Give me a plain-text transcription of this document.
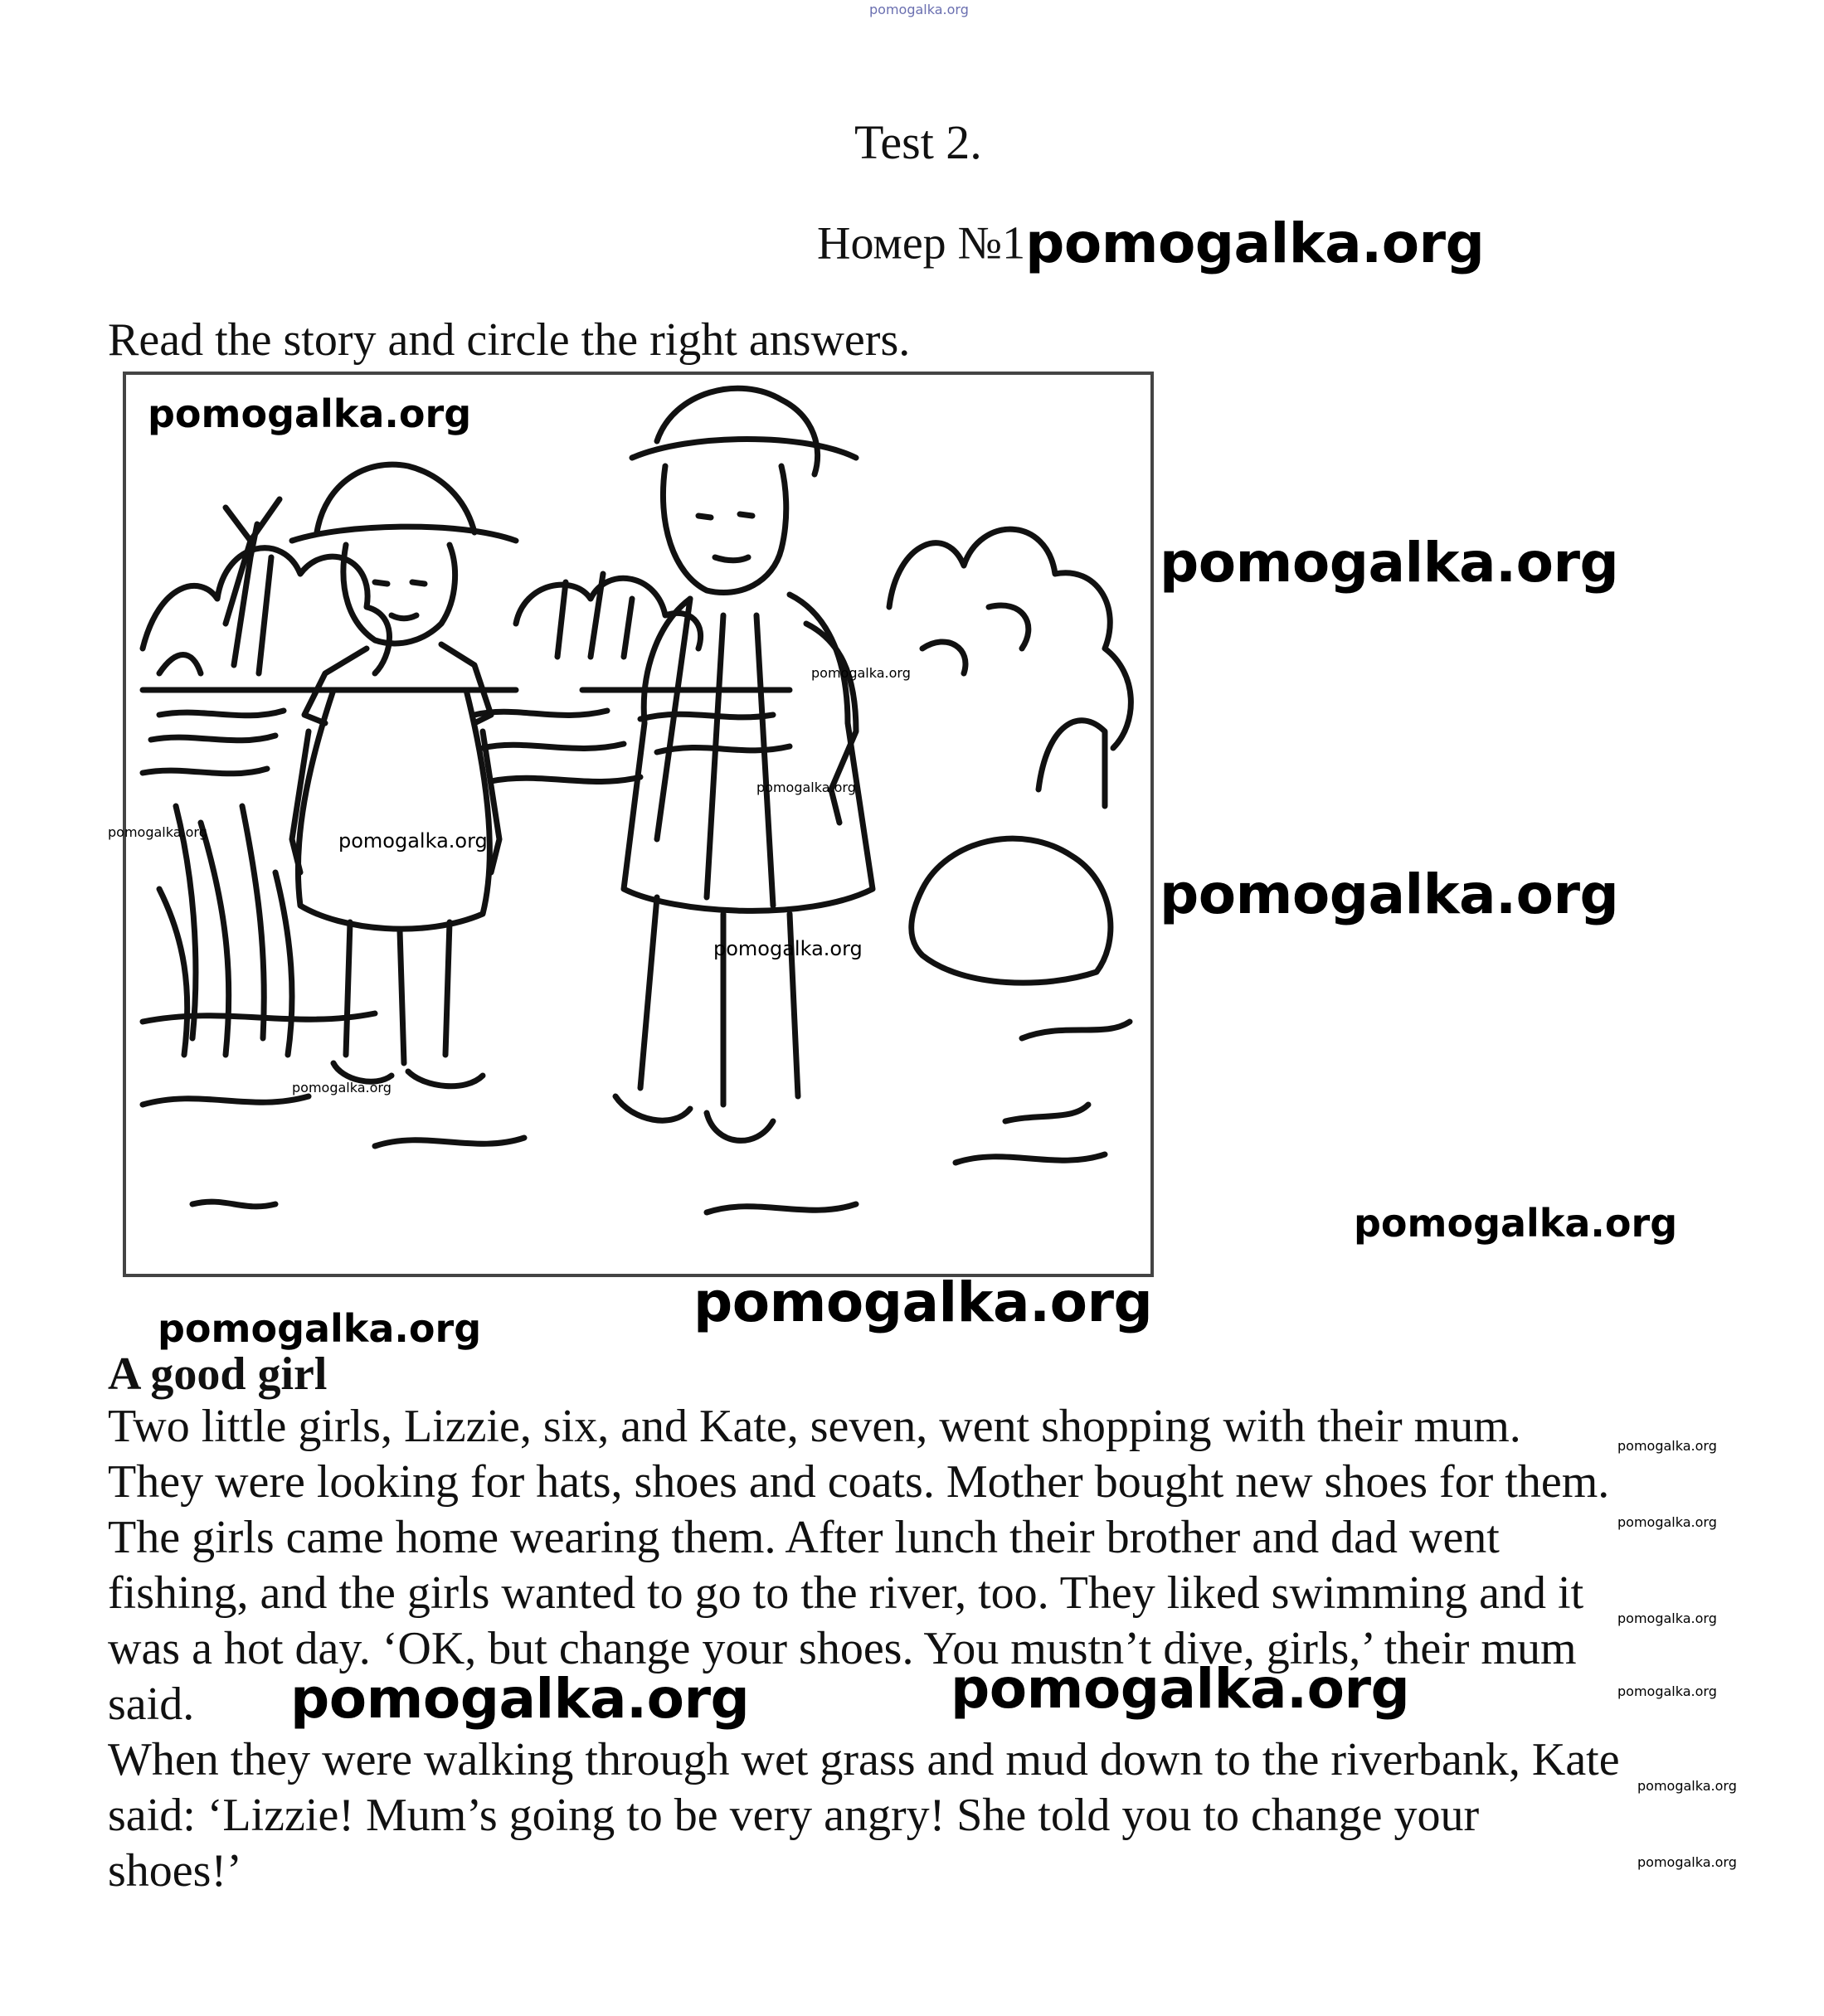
pomogalka.org
Test 2.
Номер №1pomogalka.org
Read the story and circle the right answers.
pomogalka.org
pomogalka.org
pomogalka.org
pomogalka.org
pomogalka.org
pomogalka.org
pomogalka.org
pomogalka.org
pomogalka.org
pomogalka.org
pomogalka.org	pomogalka.org
A good girl
Two little girls, Lizzie, six, and Kate, seven, went shopping with their mum.
They were looking for hats, shoes and coats. Mother bought new shoes for them.
The girls came home wearing them. After lunch their brother and dad went
fishing, and the girls wanted to go to the river, too. They liked swimming and it
was a hot day. ‘OK, but change your shoes. You mustn’t dive, girls,’ their mum
said.
When they were walking through wet grass and mud down to the riverbank, Kate
said: ‘Lizzie! Mum’s going to be very angry! She told you to change your
shoes!’
pomogalka.org	pomogalka.org
pomogalka.org
pomogalka.org
pomogalka.org
pomogalka.org
pomogalka.org
pomogalka.org
